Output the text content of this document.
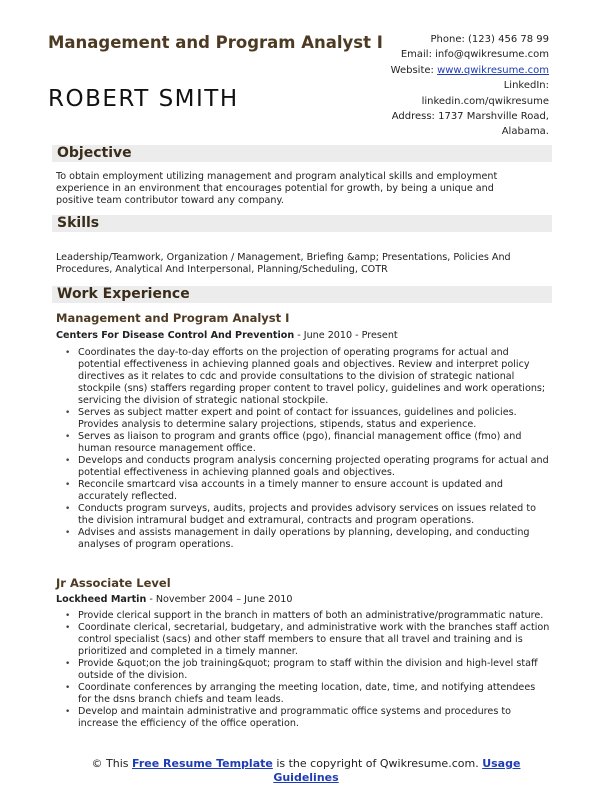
Management and Program Analyst I
ROBERT SMITH
Phone: (123) 456 78 99
Email: info@qwikresume.com
Website: www.qwikresume.com
LinkedIn:
linkedin.com/qwikresume
Address: 1737 Marshville Road,
Alabama.
Objective
To obtain employment utilizing management and program analytical skills and employment experience in an environment that encourages potential for growth, by being a unique and positive team contributor toward any company.
Skills
Leadership/Teamwork, Organization / Management, Briefing &amp; Presentations, Policies And Procedures, Analytical And Interpersonal, Planning/Scheduling, COTR
Work Experience
Management and Program Analyst I
Centers For Disease Control And Prevention - June 2010 - Present
• Coordinates the day-to-day efforts on the projection of operating programs for actual and potential effectiveness in achieving planned goals and objectives. Review and interpret policy directives as it relates to cdc and provide consultations to the division of strategic national stockpile (sns) staffers regarding proper content to travel policy, guidelines and work operations; servicing the division of strategic national stockpile.
• Serves as subject matter expert and point of contact for issuances, guidelines and policies. Provides analysis to determine salary projections, stipends, status and experience.
• Serves as liaison to program and grants office (pgo), financial management office (fmo) and human resource management office.
• Develops and conducts program analysis concerning projected operating programs for actual and potential effectiveness in achieving planned goals and objectives.
• Reconcile smartcard visa accounts in a timely manner to ensure account is updated and accurately reflected.
• Conducts program surveys, audits, projects and provides advisory services on issues related to the division intramural budget and extramural, contracts and program operations.
• Advises and assists management in daily operations by planning, developing, and conducting analyses of program operations.
Jr Associate Level
Lockheed Martin - November 2004 – June 2010
• Provide clerical support in the branch in matters of both an administrative/programmatic nature.
• Coordinate clerical, secretarial, budgetary, and administrative work with the branches staff action control specialist (sacs) and other staff members to ensure that all travel and training and is prioritized and completed in a timely manner.
• Provide &quot;on the job training&quot; program to staff within the division and high-level staff outside of the division.
• Coordinate conferences by arranging the meeting location, date, time, and notifying attendees for the dsns branch chiefs and team leads.
• Develop and maintain administrative and programmatic office systems and procedures to increase the efficiency of the office operation.
© This Free Resume Template is the copyright of Qwikresume.com. Usage Guidelines
